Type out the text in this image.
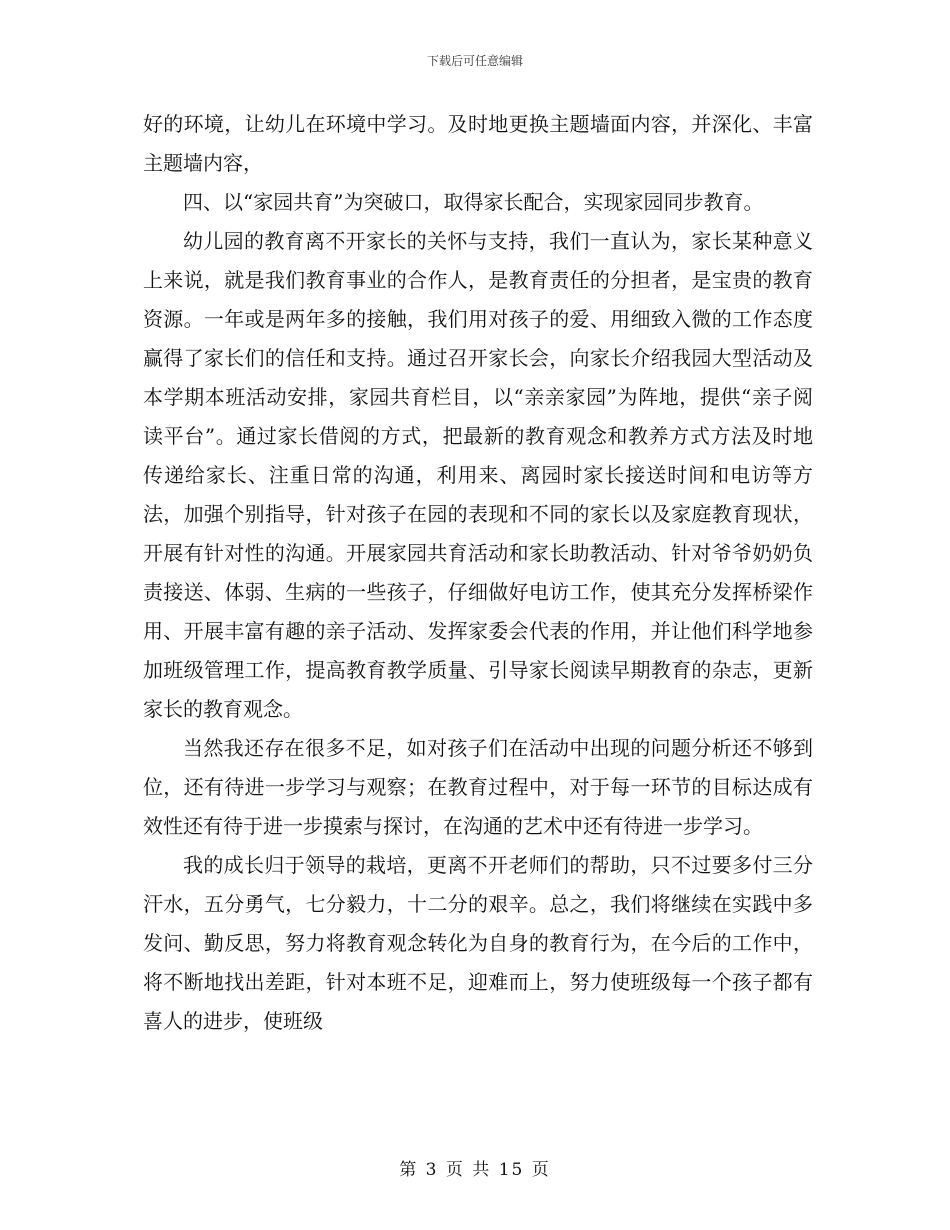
下载后可任意编辑

好的环境，让幼儿在环境中学习。及时地更换主题墙面内容，并深化、丰富主题墙内容，

四、以“家园共育”为突破口，取得家长配合，实现家园同步教育。

幼儿园的教育离不开家长的关怀与支持，我们一直认为，家长某种意义上来说，就是我们教育事业的合作人，是教育责任的分担者，是宝贵的教育资源。一年或是两年多的接触，我们用对孩子的爱、用细致入微的工作态度赢得了家长们的信任和支持。通过召开家长会，向家长介绍我园大型活动及本学期本班活动安排，家园共育栏目，以“亲亲家园”为阵地，提供“亲子阅读平台”。通过家长借阅的方式，把最新的教育观念和教养方式方法及时地传递给家长、注重日常的沟通，利用来、离园时家长接送时间和电访等方法，加强个别指导，针对孩子在园的表现和不同的家长以及家庭教育现状，开展有针对性的沟通。开展家园共育活动和家长助教活动、针对爷爷奶奶负责接送、体弱、生病的一些孩子，仔细做好电访工作，使其充分发挥桥梁作用、开展丰富有趣的亲子活动、发挥家委会代表的作用，并让他们科学地参加班级管理工作，提高教育教学质量、引导家长阅读早期教育的杂志，更新家长的教育观念。

当然我还存在很多不足，如对孩子们在活动中出现的问题分析还不够到位，还有待进一步学习与观察；在教育过程中，对于每一环节的目标达成有效性还有待于进一步摸索与探讨，在沟通的艺术中还有待进一步学习。

我的成长归于领导的栽培，更离不开老师们的帮助，只不过要多付三分汗水，五分勇气，七分毅力，十二分的艰辛。总之，我们将继续在实践中多发问、勤反思，努力将教育观念转化为自身的教育行为，在今后的工作中，将不断地找出差距，针对本班不足，迎难而上，努力使班级每一个孩子都有喜人的进步，使班级

第 3 页 共 15 页
